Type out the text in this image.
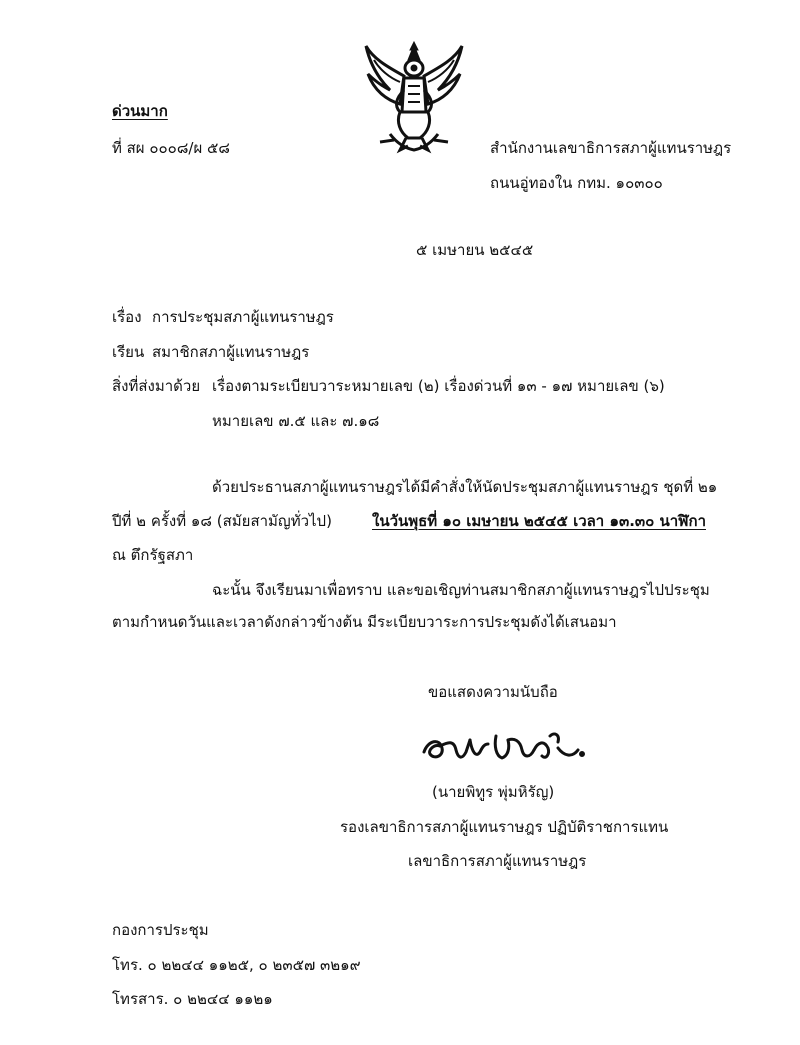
ด่วนมาก
ที่ สผ ๐๐๐๘/ผ ๕๘	สำนักงานเลขาธิการสภาผู้แทนราษฎร
ถนนอู่ทองใน กทม. ๑๐๓๐๐
๕ เมษายน ๒๕๔๕
เรื่อง การประชุมสภาผู้แทนราษฎร
เรียน สมาชิกสภาผู้แทนราษฎร
สิ่งที่ส่งมาด้วย เรื่องตามระเบียบวาระหมายเลข (๒) เรื่องด่วนที่ ๑๓ - ๑๗ หมายเลข (๖)
หมายเลข ๗.๕ และ ๗.๑๘
ด้วยประธานสภาผู้แทนราษฎรได้มีคำสั่งให้นัดประชุมสภาผู้แทนราษฎร ชุดที่ ๒๑
ปีที่ ๒ ครั้งที่ ๑๘ (สมัยสามัญทั่วไป)	ในวันพุธที่ ๑๐ เมษายน ๒๕๔๕ เวลา ๑๓.๓๐ นาฬิกา
ณ ตึกรัฐสภา
ฉะนั้น จึงเรียนมาเพื่อทราบ และขอเชิญท่านสมาชิกสภาผู้แทนราษฎรไปประชุม
ตามกำหนดวันและเวลาดังกล่าวข้างต้น มีระเบียบวาระการประชุมดังได้เสนอมา
ขอแสดงความนับถือ
(นายพิทูร พุ่มหิรัญ)
รองเลขาธิการสภาผู้แทนราษฎร ปฏิบัติราชการแทน
เลขาธิการสภาผู้แทนราษฎร
กองการประชุม
โทร. ๐ ๒๒๔๔ ๑๑๒๕, ๐ ๒๓๕๗ ๓๒๑๙
โทรสาร. ๐ ๒๒๔๔ ๑๑๒๑
